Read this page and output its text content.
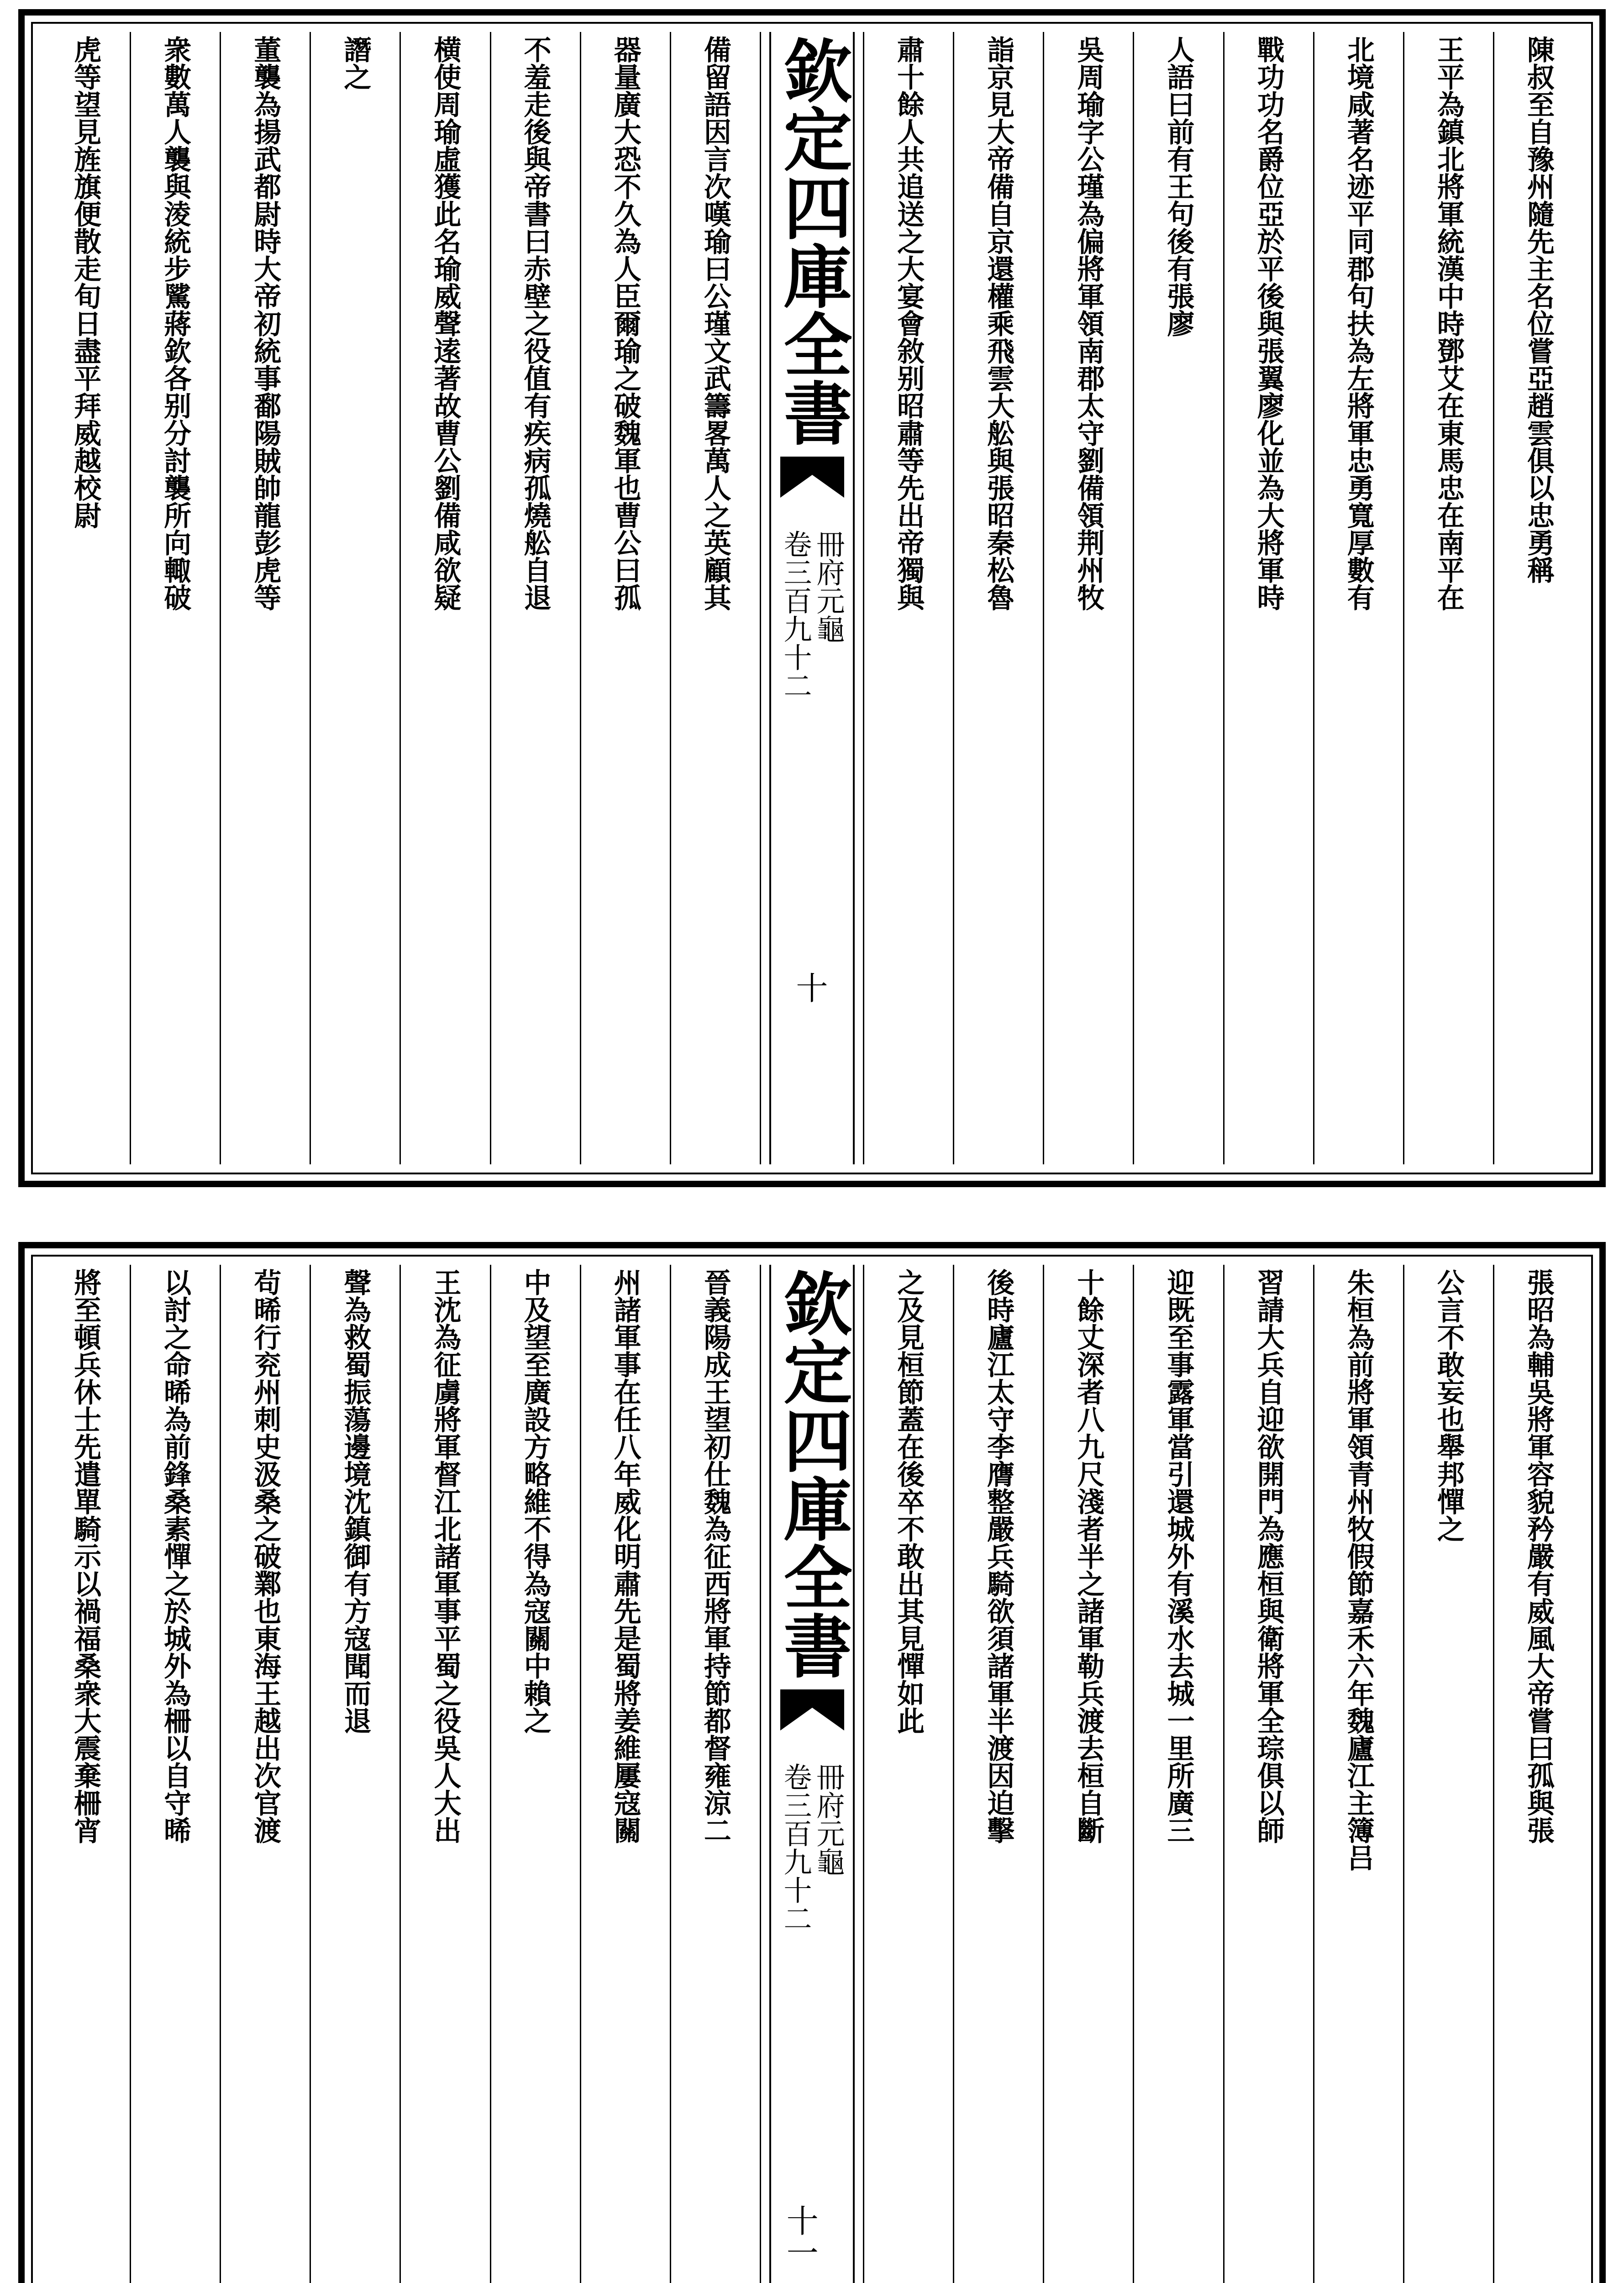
陳叔至自豫州隨先主名位嘗亞趙雲俱以忠勇稱
王平為鎮北將軍統漢中時鄧艾在東馬忠在南平在
北境咸著名迹平同郡句扶為左將軍忠勇寬厚數有
戰功功名爵位亞於平後與張翼廖化並為大將軍時
人語曰前有王句後有張廖
吳周瑜字公瑾為偏將軍領南郡太守劉備領荆州牧
詣京見大帝備自京還權乘飛雲大舩與張昭秦松魯
肅十餘人共追送之大宴會敘别昭肅等先出帝獨與
欽定四庫全書
冊府元龜
卷三百九十二
十
備留語因言次嘆瑜曰公瑾文武籌畧萬人之英顧其
器量廣大恐不久為人臣爾瑜之破魏軍也曹公曰孤
不羞走後與帝書曰赤壁之役值有疾病孤燒舩自退
横使周瑜虛獲此名瑜威聲逺著故曹公劉備咸欲疑
譖之
董襲為揚武都尉時大帝初統事鄱陽賊帥龍彭虎等
衆數萬人襲與淩統步騭蔣欽各别分討襲所向輙破
虎等望見旌旗便散走旬日盡平拜威越校尉
張昭為輔吳將軍容貌矜嚴有威風大帝嘗曰孤與張
公言不敢妄也舉邦憚之
朱桓為前將軍領青州牧假節嘉禾六年魏廬江主簿吕
習請大兵自迎欲開門為應桓與衛將軍全琮俱以師
迎既至事露軍當引還城外有溪水去城一里所廣三
十餘丈深者八九尺淺者半之諸軍勒兵渡去桓自斷
後時廬江太守李膺整嚴兵騎欲須諸軍半渡因迫擊
之及見桓節蓋在後卒不敢出其見憚如此
欽定四庫全書
冊府元龜
卷三百九十二
十一
晉義陽成王望初仕魏為征西將軍持節都督雍涼二
州諸軍事在任八年威化明肅先是蜀將姜維屢寇關
中及望至廣設方略維不得為寇關中賴之
王沈為征虜將軍督江北諸軍事平蜀之役吳人大出
聲為救蜀振蕩邊境沈鎮御有方寇聞而退
茍晞行兖州刺史汲桑之破鄴也東海王越出次官渡
以討之命晞為前鋒桑素憚之於城外為柵以自守晞
將至頓兵休士先遣單騎示以禍福桑衆大震棄柵宵
